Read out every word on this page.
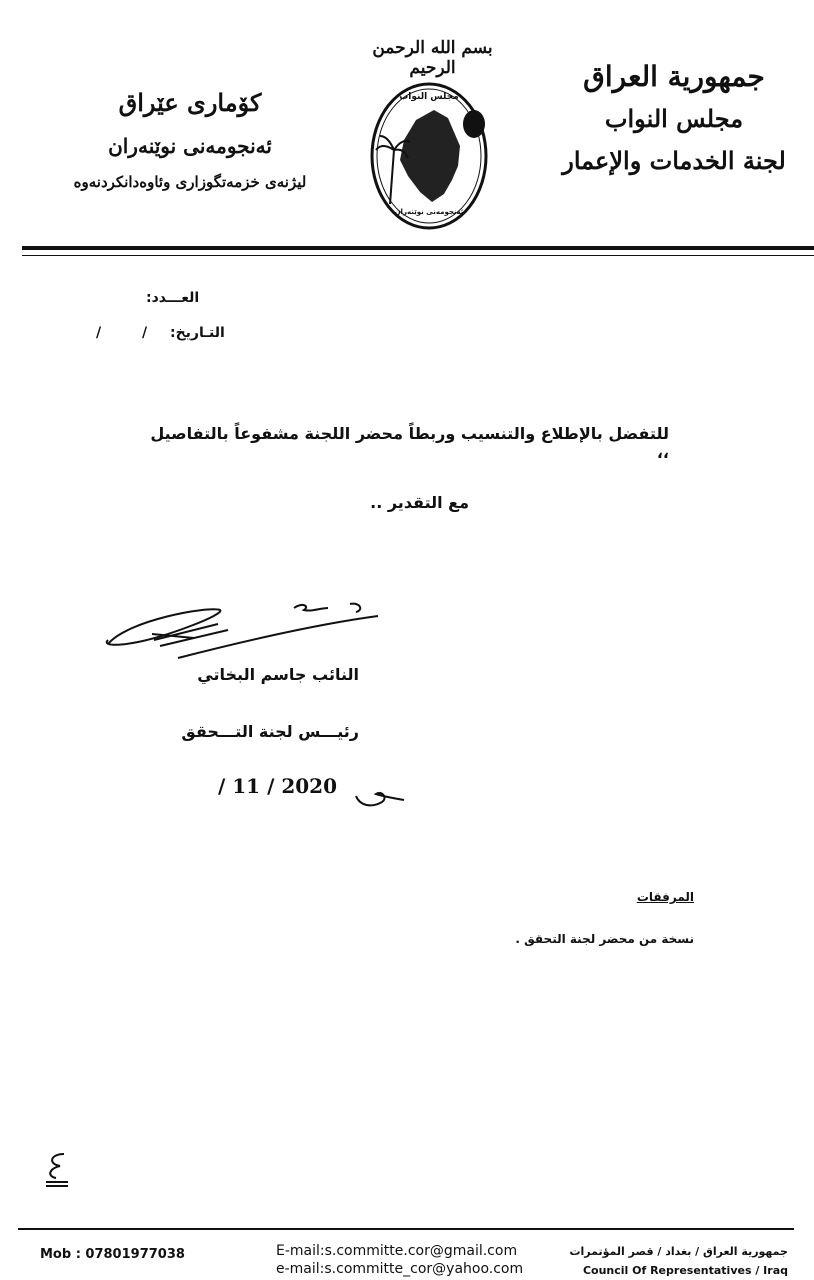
جمهورية العراق
مجلس النواب
لجنة الخدمات والإعمار
بسم الله الرحمن الرحيم
مجلس النواب
ئەنجومەنی نوێنەران
کۆماری عێراق
ئەنجومەنی نوێنەران
لیژنەی خزمەتگوزاری وئاوەدانکردنەوە
العـــدد:
/ / التـاريخ:
للتفضل بالإطلاع والتنسيب وربطاً محضر اللجنة مشفوعاً بالتفاصيل ،،
مع التقدير ..
النائب جاسم البخاتي
رئيـــس لجنة التـــحقق
/ 11 / 2020
المرفقات
نسخة من محضر لجنة التحقق .
Mob : 07801977038	E-mail:s.committe.cor@gmail.com
e-mail:s.committe_cor@yahoo.com
جمهورية العراق / بغداد / قصر المؤتمرات
Council Of Representatives / Iraq
